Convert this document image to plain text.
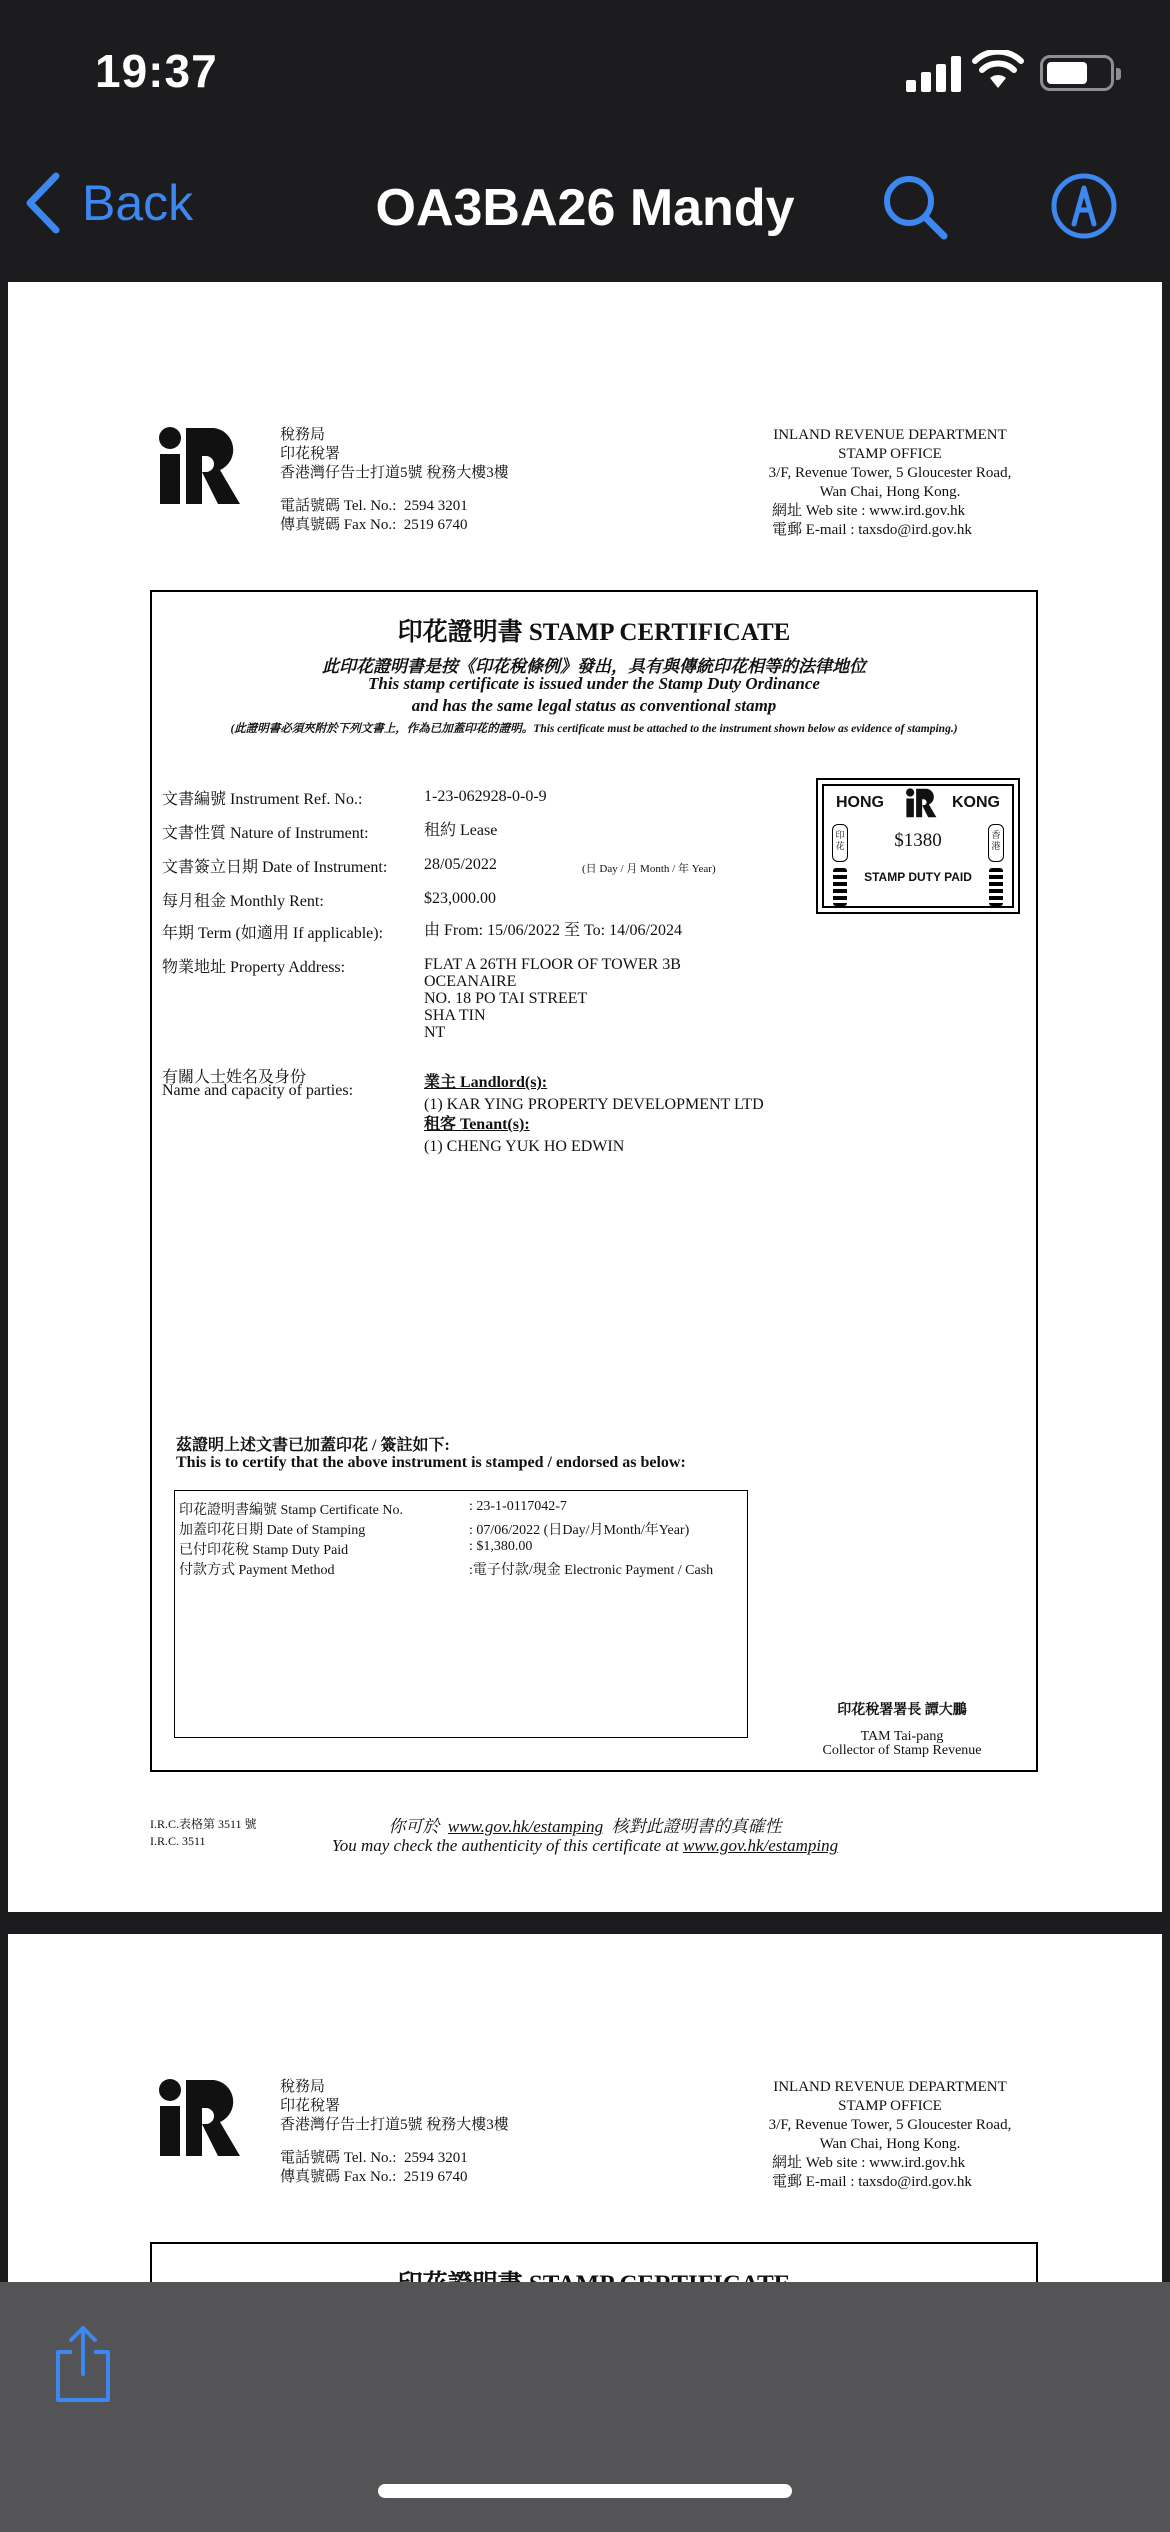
19:37
Back	OA3BA26 Mandy
稅務局
印花稅署
香港灣仔告士打道5號 稅務大樓3樓
電話號碼 Tel. No.: 2594 3201
傳真號碼 Fax No.: 2519 6740
INLAND REVENUE DEPARTMENT
STAMP OFFICE
3/F, Revenue Tower, 5 Gloucester Road,
Wan Chai, Hong Kong.
網址 Web site : www.ird.gov.hk
電郵 E-mail : taxsdo@ird.gov.hk
印花證明書 STAMP CERTIFICATE
此印花證明書是按《印花稅條例》發出，具有與傳統印花相等的法律地位
This stamp certificate is issued under the Stamp Duty Ordinance
and has the same legal status as conventional stamp
(此證明書必須夾附於下列文書上，作為已加蓋印花的證明。This certificate must be attached to the instrument shown below as evidence of stamping.)
文書編號 Instrument Ref. No.:	1-23-062928-0-0-9
文書性質 Nature of Instrument:	租約 Lease
文書簽立日期 Date of Instrument: 28/05/2022	(日 Day / 月 Month / 年 Year)
每月租金 Monthly Rent:	$23,000.00
年期 Term (如適用 If applicable):	由 From: 15/06/2022 至 To: 14/06/2024
物業地址 Property Address:	FLAT A 26TH FLOOR OF TOWER 3B
OCEANAIRE
NO. 18 PO TAI STREET
SHA TIN
NT
有關人士姓名及身份
Name and capacity of parties:	業主 Landlord(s):
(1) KAR YING PROPERTY DEVELOPMENT LTD
租客 Tenant(s):
(1) CHENG YUK HO EDWIN
HONG	KONG
印花
香港
$1380
STAMP DUTY PAID
茲證明上述文書已加蓋印花 / 簽註如下:
This is to certify that the above instrument is stamped / endorsed as below:
印花證明書編號 Stamp Certificate No.	: 23-1-0117042-7
加蓋印花日期 Date of Stamping	: 07/06/2022 (日Day/月Month/年Year)
已付印花稅 Stamp Duty Paid	: $1,380.00
付款方式 Payment Method	:電子付款/現金 Electronic Payment / Cash
印花稅署署長 譚大鵬
TAM Tai-pang
Collector of Stamp Revenue
I.R.C.表格第 3511 號
I.R.C. 3511
你可於 www.gov.hk/estamping 核對此證明書的真確性
You may check the authenticity of this certificate at www.gov.hk/estamping
稅務局
印花稅署
香港灣仔告士打道5號 稅務大樓3樓
電話號碼 Tel. No.: 2594 3201
傳真號碼 Fax No.: 2519 6740
INLAND REVENUE DEPARTMENT
STAMP OFFICE
3/F, Revenue Tower, 5 Gloucester Road,
Wan Chai, Hong Kong.
網址 Web site : www.ird.gov.hk
電郵 E-mail : taxsdo@ird.gov.hk
